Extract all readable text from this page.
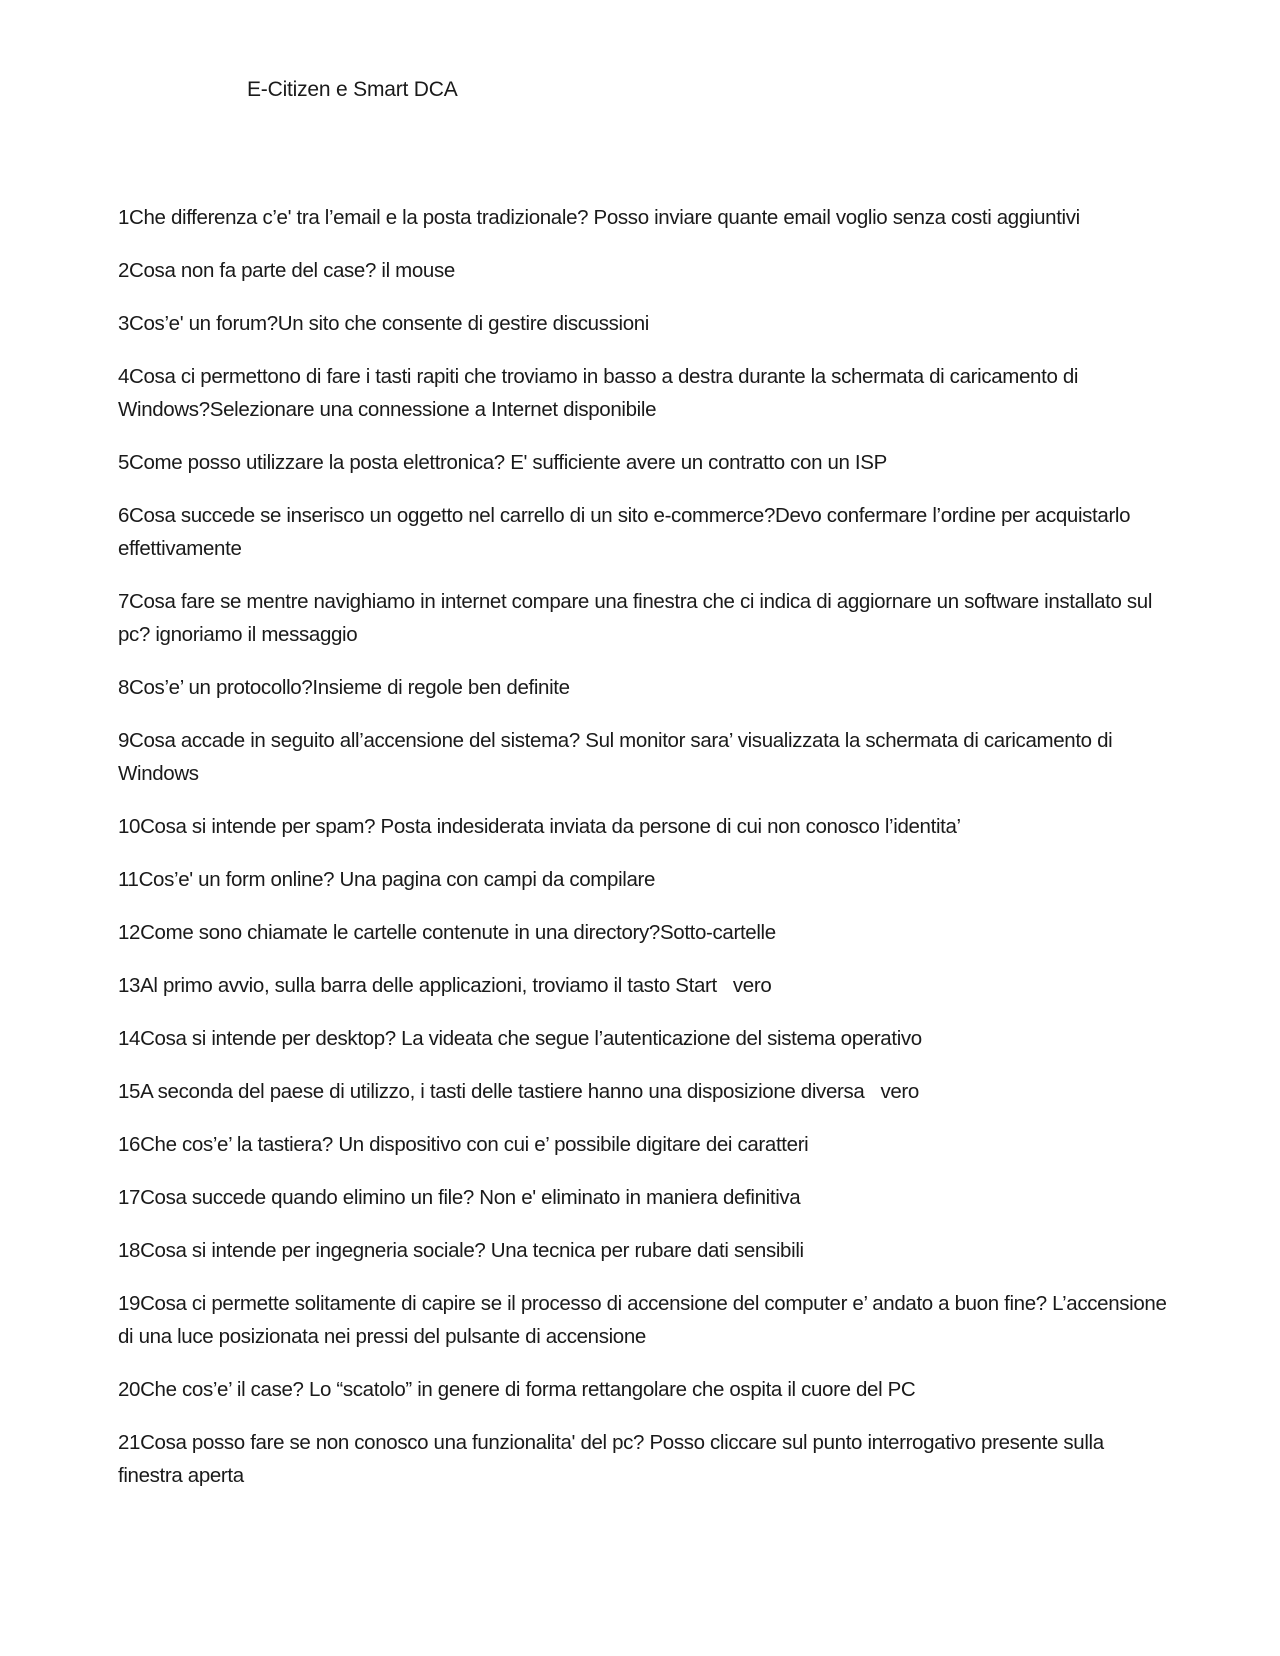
E-Citizen e Smart DCA
1Che differenza c’e' tra l’email e la posta tradizionale? Posso inviare quante email voglio senza costi aggiuntivi
2Cosa non fa parte del case? il mouse
3Cos’e' un forum?Un sito che consente di gestire discussioni
4Cosa ci permettono di fare i tasti rapiti che troviamo in basso a destra durante la schermata di caricamento di Windows?Selezionare una connessione a Internet disponibile
5Come posso utilizzare la posta elettronica? E' sufficiente avere un contratto con un ISP
6Cosa succede se inserisco un oggetto nel carrello di un sito e-commerce?Devo confermare l’ordine per acquistarlo effettivamente
7Cosa fare se mentre navighiamo in internet compare una finestra che ci indica di aggiornare un software installato sul pc? ignoriamo il messaggio
8Cos’e’ un protocollo?Insieme di regole ben definite
9Cosa accade in seguito all’accensione del sistema? Sul monitor sara’ visualizzata la schermata di caricamento di Windows
10Cosa si intende per spam? Posta indesiderata inviata da persone di cui non conosco l’identita’
11Cos’e' un form online? Una pagina con campi da compilare
12Come sono chiamate le cartelle contenute in una directory?Sotto-cartelle
13Al primo avvio, sulla barra delle applicazioni, troviamo il tasto Start   vero
14Cosa si intende per desktop? La videata che segue l’autenticazione del sistema operativo
15A seconda del paese di utilizzo, i tasti delle tastiere hanno una disposizione diversa   vero
16Che cos’e’ la tastiera? Un dispositivo con cui e’ possibile digitare dei caratteri
17Cosa succede quando elimino un file? Non e' eliminato in maniera definitiva
18Cosa si intende per ingegneria sociale? Una tecnica per rubare dati sensibili
19Cosa ci permette solitamente di capire se il processo di accensione del computer e’ andato a buon fine? L’accensione di una luce posizionata nei pressi del pulsante di accensione
20Che cos’e’ il case? Lo “scatolo” in genere di forma rettangolare che ospita il cuore del PC
21Cosa posso fare se non conosco una funzionalita' del pc? Posso cliccare sul punto interrogativo presente sulla finestra aperta
